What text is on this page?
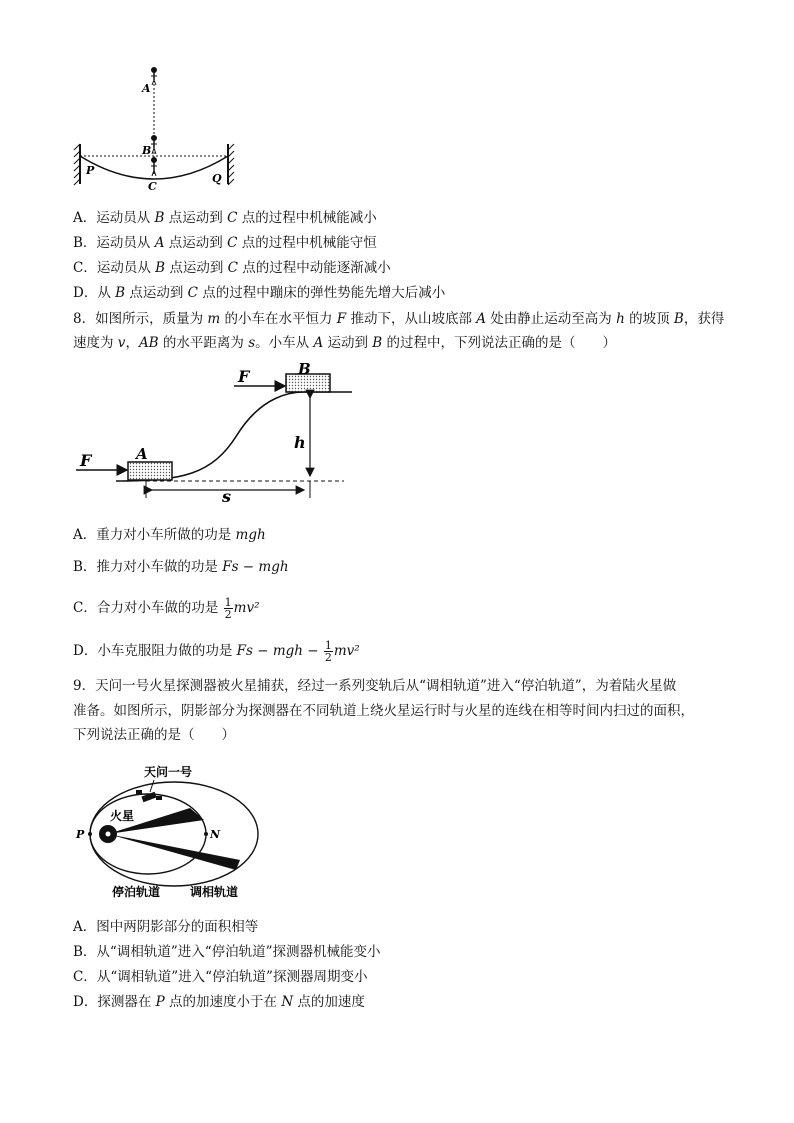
A
B
C
P
Q
A．运动员从 B 点运动到 C 点的过程中机械能减小
B．运动员从 A 点运动到 C 点的过程中机械能守恒
C．运动员从 B 点运动到 C 点的过程中动能逐渐减小
D．从 B 点运动到 C 点的过程中蹦床的弹性势能先增大后减小
8．如图所示，质量为 m 的小车在水平恒力 F 推动下，从山坡底部 A 处由静止运动至高为 h 的坡顶 B，获得
速度为 v，AB 的水平距离为 s。小车从 A 运动到 B 的过程中，下列说法正确的是（　　）
F
F
A
B
h
s
A．重力对小车所做的功是 mgh
B．推力对小车做的功是 Fs − mgh
C．合力对小车做的功是 $\frac{1}{2} mv^2$
D．小车克服阻力做的功是 Fs − mgh − $\frac{1}{2} mv^2$
9．天问一号火星探测器被火星捕获，经过一系列变轨后从“调相轨道”进入“停泊轨道”，为着陆火星做
准备。如图所示，阴影部分为探测器在不同轨道上绕火星运行时与火星的连线在相等时间内扫过的面积，
下列说法正确的是（　　）
天问一号
火星
P	N
停泊轨道 调相轨道
A．图中两阴影部分的面积相等
B．从“调相轨道”进入“停泊轨道”探测器机械能变小
C．从“调相轨道”进入“停泊轨道”探测器周期变小
D．探测器在 P 点的加速度小于在 N 点的加速度
